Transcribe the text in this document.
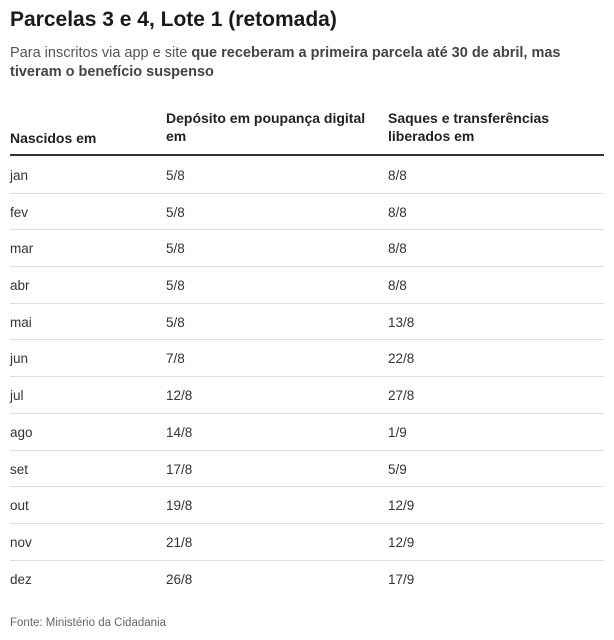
Parcelas 3 e 4, Lote 1 (retomada)

Para inscritos via app e site que receberam a primeira parcela até 30 de abril, mas tiveram o benefício suspenso

Nascidos em
Depósito em poupança digital em
Saques e transferências liberados em
jan	5/8	8/8
fev	5/8	8/8
mar	5/8	8/8
abr	5/8	8/8
mai	5/8	13/8
jun	7/8	22/8
jul	12/8	27/8
ago	14/8	1/9
set	17/8	5/9
out	19/8	12/9
nov	21/8	12/9
dez	26/8	17/9
Fonte: Ministério da Cidadania
